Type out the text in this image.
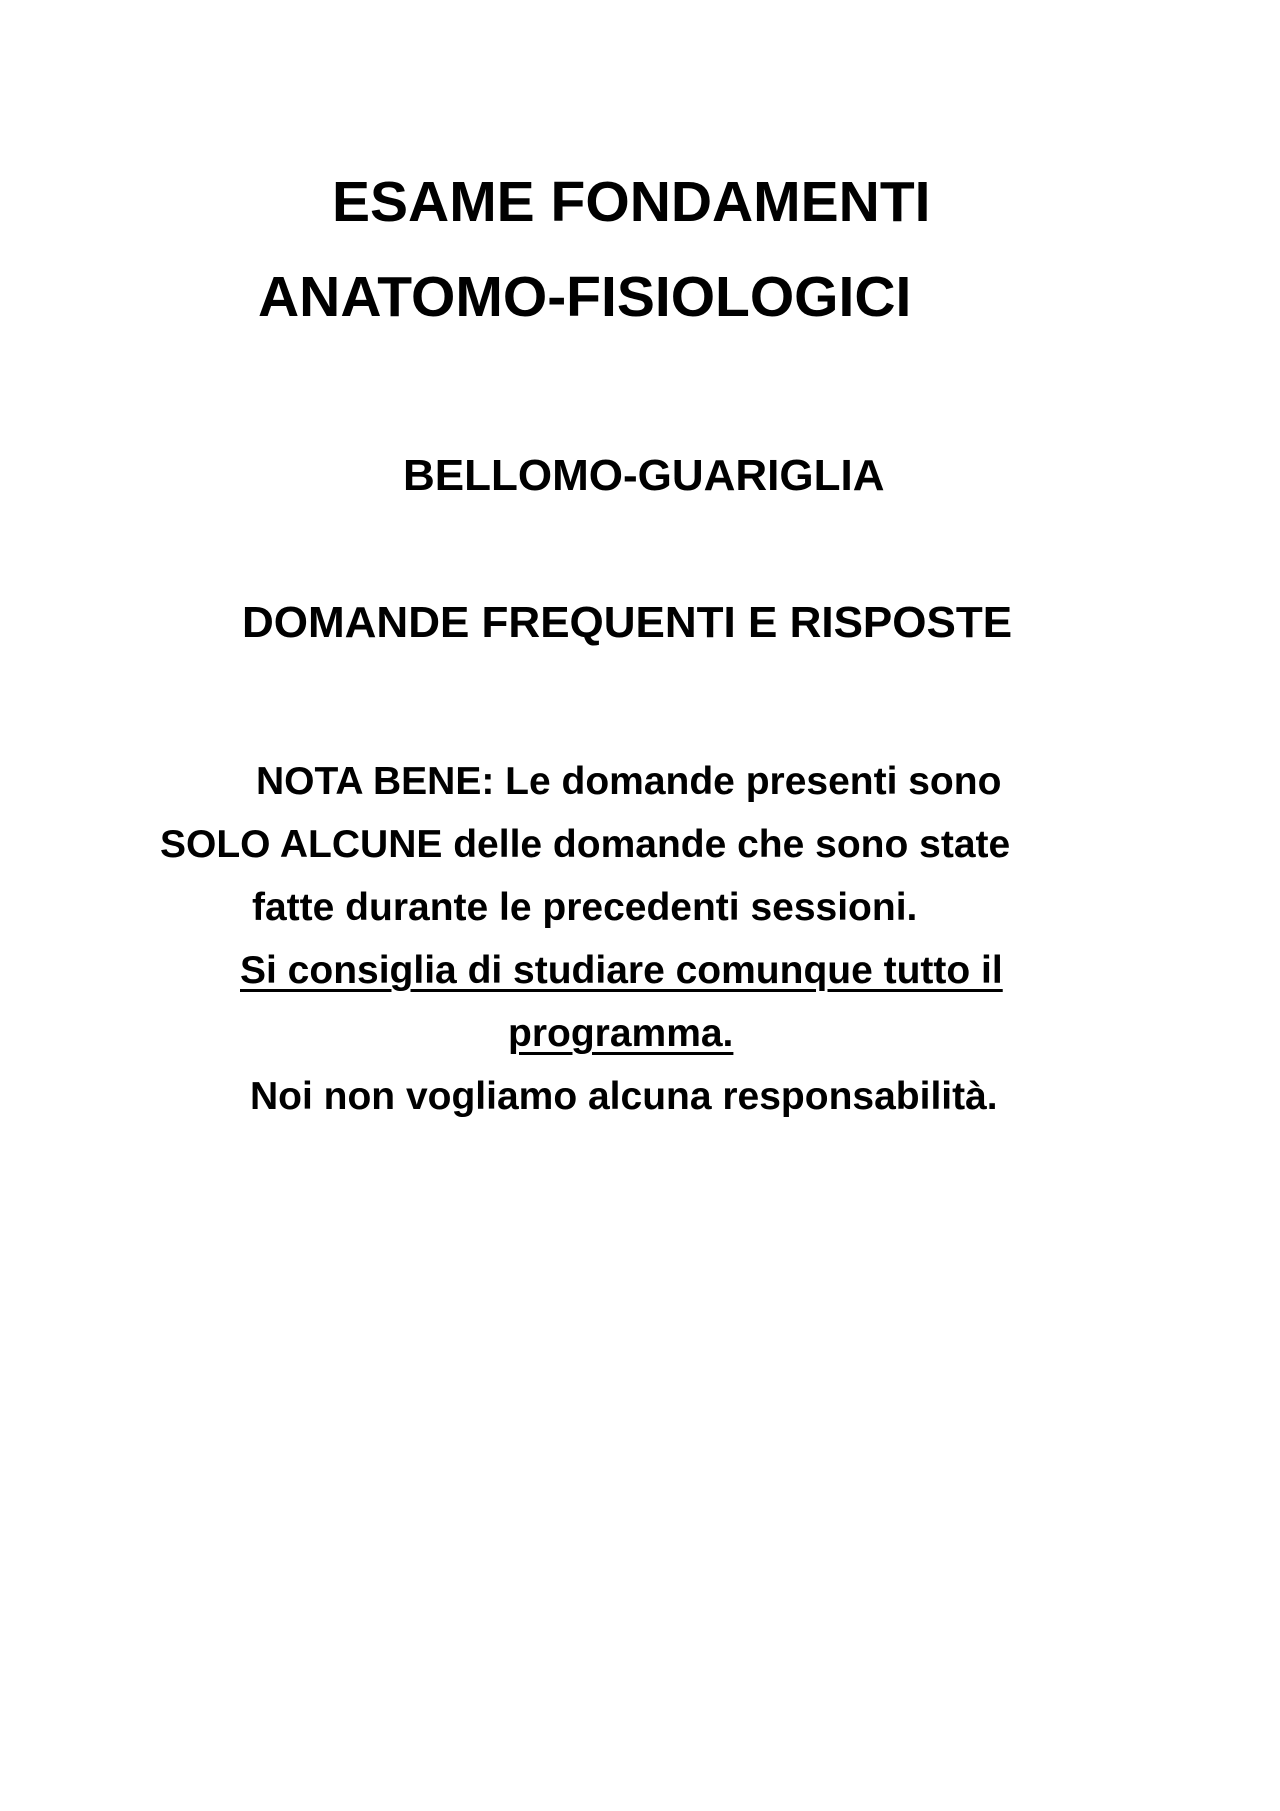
ESAME FONDAMENTI
ANATOMO-FISIOLOGICI
BELLOMO-GUARIGLIA
DOMANDE FREQUENTI E RISPOSTE
NOTA BENE: Le domande presenti sono
SOLO ALCUNE delle domande che sono state
fatte durante le precedenti sessioni.
Si consiglia di studiare comunque tutto il
programma.
Noi non vogliamo alcuna responsabilità.
